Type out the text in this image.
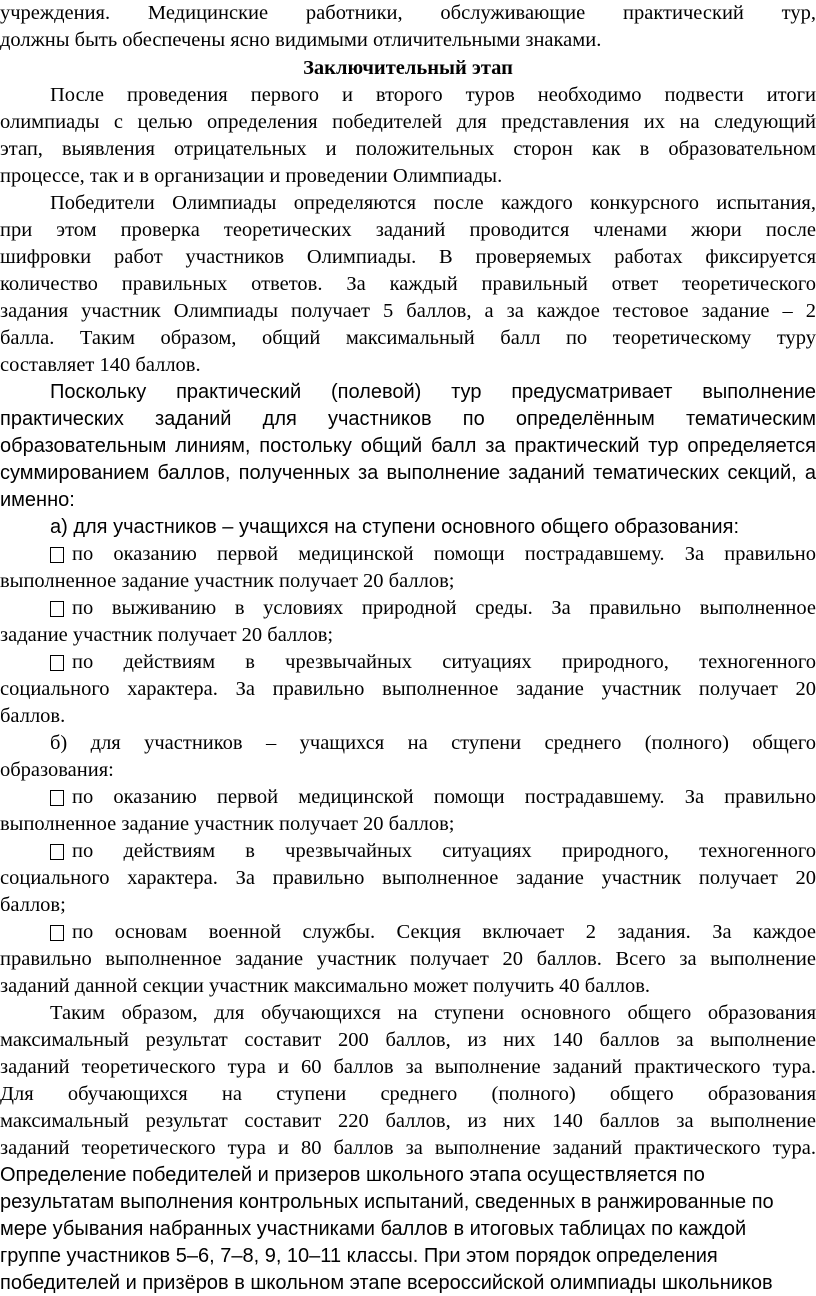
учреждения. Медицинские работники, обслуживающие практический тур,
должны быть обеспечены ясно видимыми отличительными знаками.
Заключительный этап
После проведения первого и второго туров необходимо подвести итоги
олимпиады с целью определения победителей для представления их на следующий
этап, выявления отрицательных и положительных сторон как в образовательном
процессе, так и в организации и проведении Олимпиады.
Победители Олимпиады определяются после каждого конкурсного испытания,
при этом проверка теоретических заданий проводится членами жюри после
шифровки работ участников Олимпиады. В проверяемых работах фиксируется
количество правильных ответов. За каждый правильный ответ теоретического
задания участник Олимпиады получает 5 баллов, а за каждое тестовое задание – 2
балла. Таким образом, общий максимальный балл по теоретическому туру
составляет 140 баллов.
Поскольку практический (полевой) тур предусматривает выполнение
практических заданий для участников по определённым тематическим
образовательным линиям, постольку общий балл за практический тур определяется
суммированием баллов, полученных за выполнение заданий тематических секций, а
именно:
а) для участников – учащихся на ступени основного общего образования:
по оказанию первой медицинской помощи пострадавшему. За правильно
выполненное задание участник получает 20 баллов;
по выживанию в условиях природной среды. За правильно выполненное
задание участник получает 20 баллов;
по действиям в чрезвычайных ситуациях природного, техногенного
социального характера. За правильно выполненное задание участник получает 20
баллов.
б) для участников – учащихся на ступени среднего (полного) общего
образования:
по оказанию первой медицинской помощи пострадавшему. За правильно
выполненное задание участник получает 20 баллов;
по действиям в чрезвычайных ситуациях природного, техногенного
социального характера. За правильно выполненное задание участник получает 20
баллов;
по основам военной службы. Секция включает 2 задания. За каждое
правильно выполненное задание участник получает 20 баллов. Всего за выполнение
заданий данной секции участник максимально может получить 40 баллов.
Таким образом, для обучающихся на ступени основного общего образования
максимальный результат составит 200 баллов, из них 140 баллов за выполнение
заданий теоретического тура и 60 баллов за выполнение заданий практического тура.
Для обучающихся на ступени среднего (полного) общего образования
максимальный результат составит 220 баллов, из них 140 баллов за выполнение
заданий теоретического тура и 80 баллов за выполнение заданий практического тура.
Определение победителей и призеров школьного этапа осуществляется по
результатам выполнения контрольных испытаний, сведенных в ранжированные по
мере убывания набранных участниками баллов в итоговых таблицах по каждой
группе участников 5–6, 7–8, 9, 10–11 классы. При этом порядок определения
победителей и призёров в школьном этапе всероссийской олимпиады школьников
